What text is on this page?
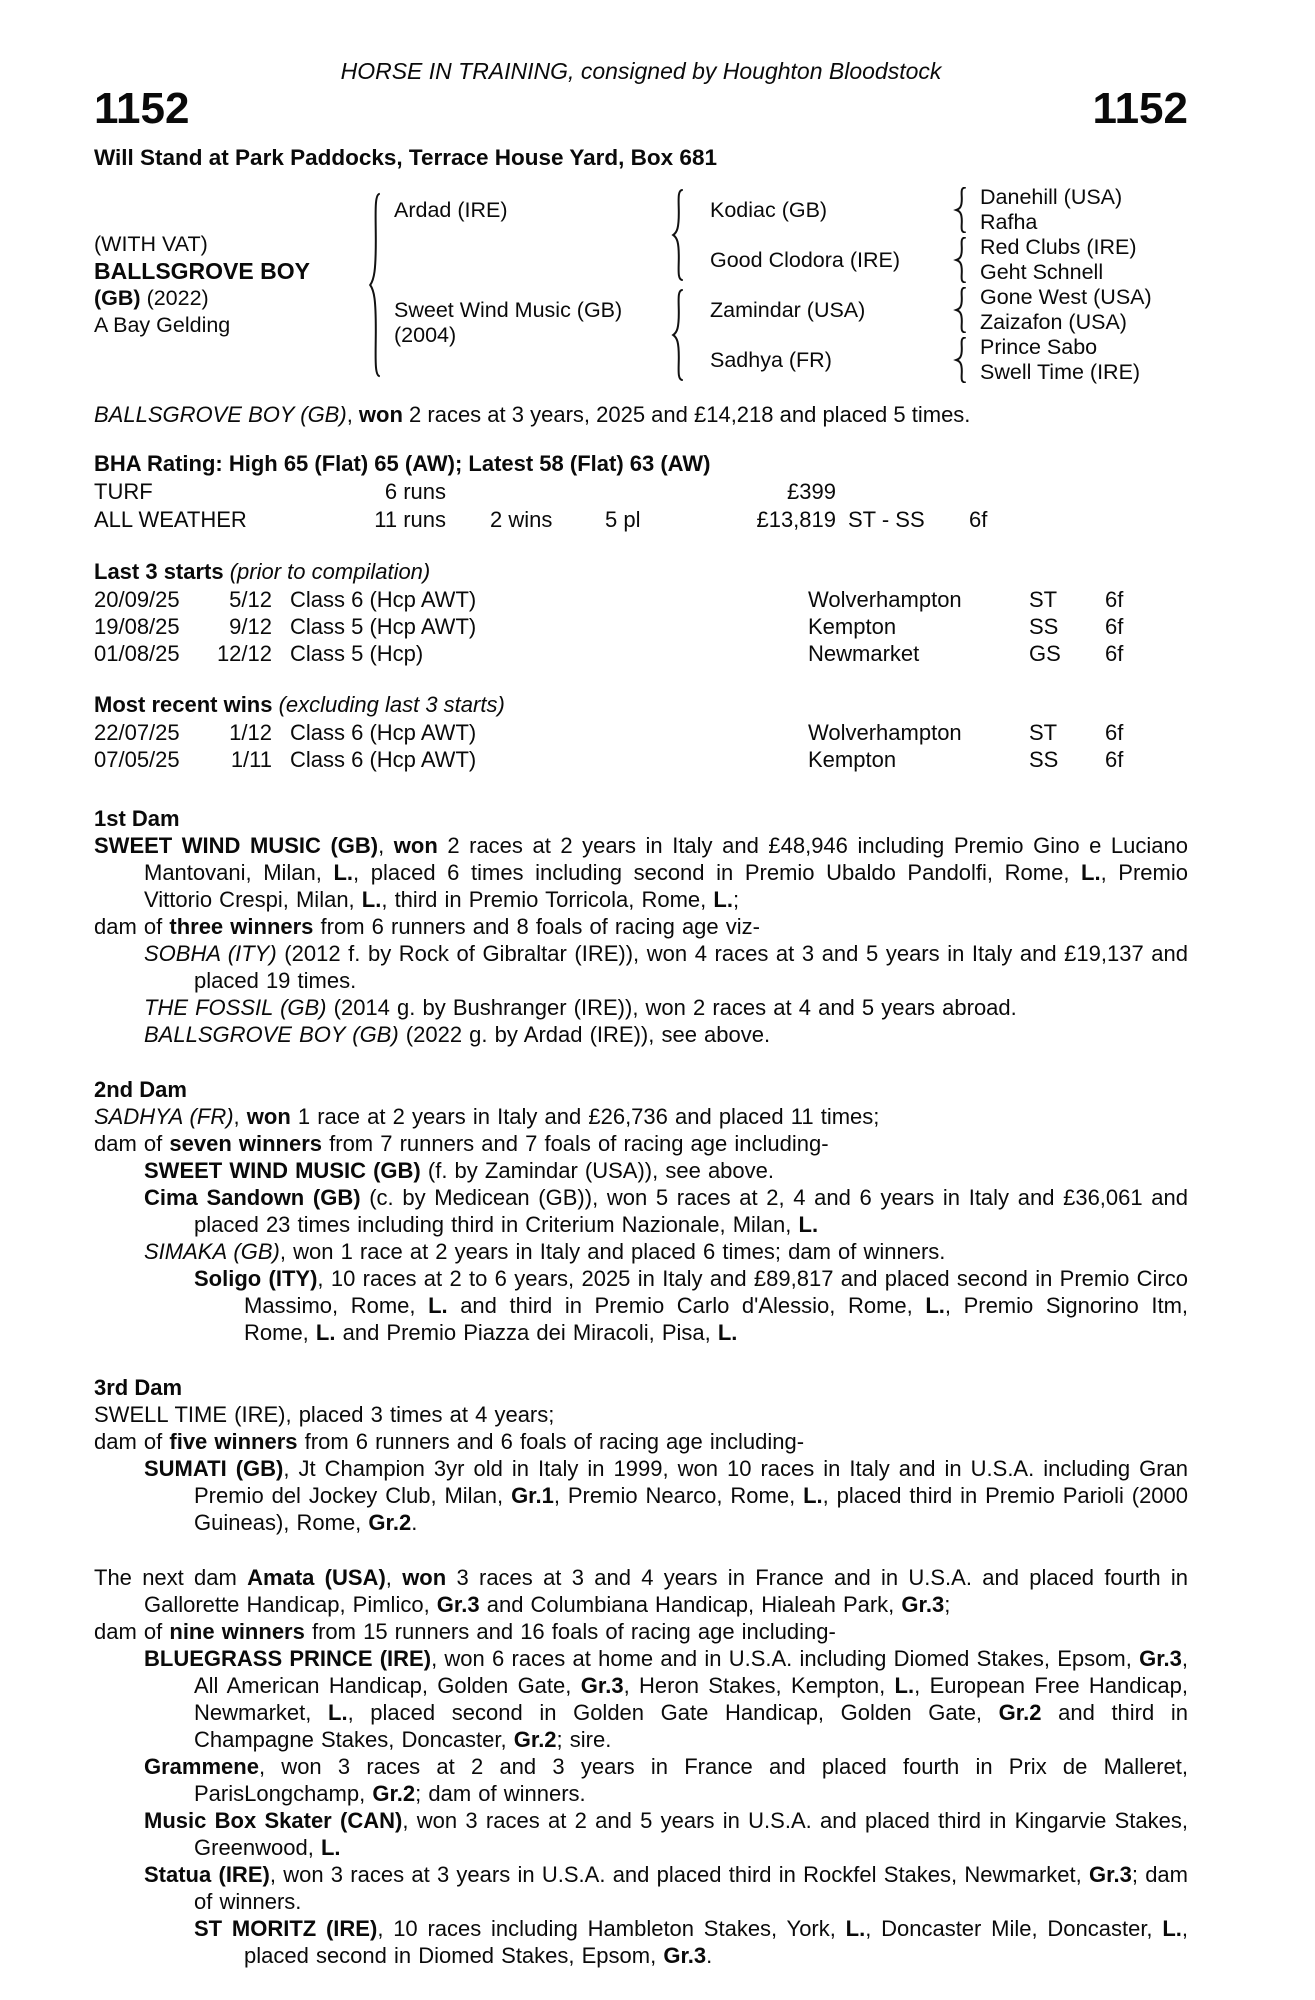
HORSE IN TRAINING, consigned by Houghton Bloodstock
1152	1152
Will Stand at Park Paddocks, Terrace House Yard, Box 681
(WITH VAT)
BALLSGROVE BOY
(GB) (2022)
A Bay Gelding
Ardad (IRE)
Sweet Wind Music (GB)
(2004)
Kodiac (GB)
Good Clodora (IRE)
Zamindar (USA)
Sadhya (FR)
Danehill (USA)
Rafha
Red Clubs (IRE)
Geht Schnell
Gone West (USA)
Zaizafon (USA)
Prince Sabo
Swell Time (IRE)
BALLSGROVE BOY (GB), won 2 races at 3 years, 2025 and £14,218 and placed 5 times.
BHA Rating: High 65 (Flat) 65 (AW); Latest 58 (Flat) 63 (AW)
TURF	6 runs	£399
ALL WEATHER	11 runs 2 wins 5 pl	£13,819 ST - SS 6f
Last 3 starts (prior to compilation)
20/09/25	5/12 Class 6 (Hcp AWT)	Wolverhampton	ST 6f
19/08/25	9/12 Class 5 (Hcp AWT)	Kempton	SS 6f
01/08/25	12/12 Class 5 (Hcp)	Newmarket	GS 6f
Most recent wins (excluding last 3 starts)
22/07/25	1/12 Class 6 (Hcp AWT)	Wolverhampton	ST 6f
07/05/25	1/11 Class 6 (Hcp AWT)	Kempton	SS 6f
1st Dam
SWEET WIND MUSIC (GB), won 2 races at 2 years in Italy and £48,946 including Premio Gino e Luciano Mantovani, Milan, L., placed 6 times including second in Premio Ubaldo Pandolfi, Rome, L., Premio Vittorio Crespi, Milan, L., third in Premio Torricola, Rome, L.;
dam of three winners from 6 runners and 8 foals of racing age viz-
SOBHA (ITY) (2012 f. by Rock of Gibraltar (IRE)), won 4 races at 3 and 5 years in Italy and £19,137 and placed 19 times.
THE FOSSIL (GB) (2014 g. by Bushranger (IRE)), won 2 races at 4 and 5 years abroad.
BALLSGROVE BOY (GB) (2022 g. by Ardad (IRE)), see above.
2nd Dam
SADHYA (FR), won 1 race at 2 years in Italy and £26,736 and placed 11 times;
dam of seven winners from 7 runners and 7 foals of racing age including-
SWEET WIND MUSIC (GB) (f. by Zamindar (USA)), see above.
Cima Sandown (GB) (c. by Medicean (GB)), won 5 races at 2, 4 and 6 years in Italy and £36,061 and placed 23 times including third in Criterium Nazionale, Milan, L.
SIMAKA (GB), won 1 race at 2 years in Italy and placed 6 times; dam of winners.
Soligo (ITY), 10 races at 2 to 6 years, 2025 in Italy and £89,817 and placed second in Premio Circo Massimo, Rome, L. and third in Premio Carlo d'Alessio, Rome, L., Premio Signorino Itm, Rome, L. and Premio Piazza dei Miracoli, Pisa, L.
3rd Dam
SWELL TIME (IRE), placed 3 times at 4 years;
dam of five winners from 6 runners and 6 foals of racing age including-
SUMATI (GB), Jt Champion 3yr old in Italy in 1999, won 10 races in Italy and in U.S.A. including Gran Premio del Jockey Club, Milan, Gr.1, Premio Nearco, Rome, L., placed third in Premio Parioli (2000 Guineas), Rome, Gr.2.
The next dam Amata (USA), won 3 races at 3 and 4 years in France and in U.S.A. and placed fourth in Gallorette Handicap, Pimlico, Gr.3 and Columbiana Handicap, Hialeah Park, Gr.3;
dam of nine winners from 15 runners and 16 foals of racing age including-
BLUEGRASS PRINCE (IRE), won 6 races at home and in U.S.A. including Diomed Stakes, Epsom, Gr.3, All American Handicap, Golden Gate, Gr.3, Heron Stakes, Kempton, L., European Free Handicap, Newmarket, L., placed second in Golden Gate Handicap, Golden Gate, Gr.2 and third in Champagne Stakes, Doncaster, Gr.2; sire.
Grammene, won 3 races at 2 and 3 years in France and placed fourth in Prix de Malleret, ParisLongchamp, Gr.2; dam of winners.
Music Box Skater (CAN), won 3 races at 2 and 5 years in U.S.A. and placed third in Kingarvie Stakes, Greenwood, L.
Statua (IRE), won 3 races at 3 years in U.S.A. and placed third in Rockfel Stakes, Newmarket, Gr.3; dam of winners.
ST MORITZ (IRE), 10 races including Hambleton Stakes, York, L., Doncaster Mile, Doncaster, L., placed second in Diomed Stakes, Epsom, Gr.3.
